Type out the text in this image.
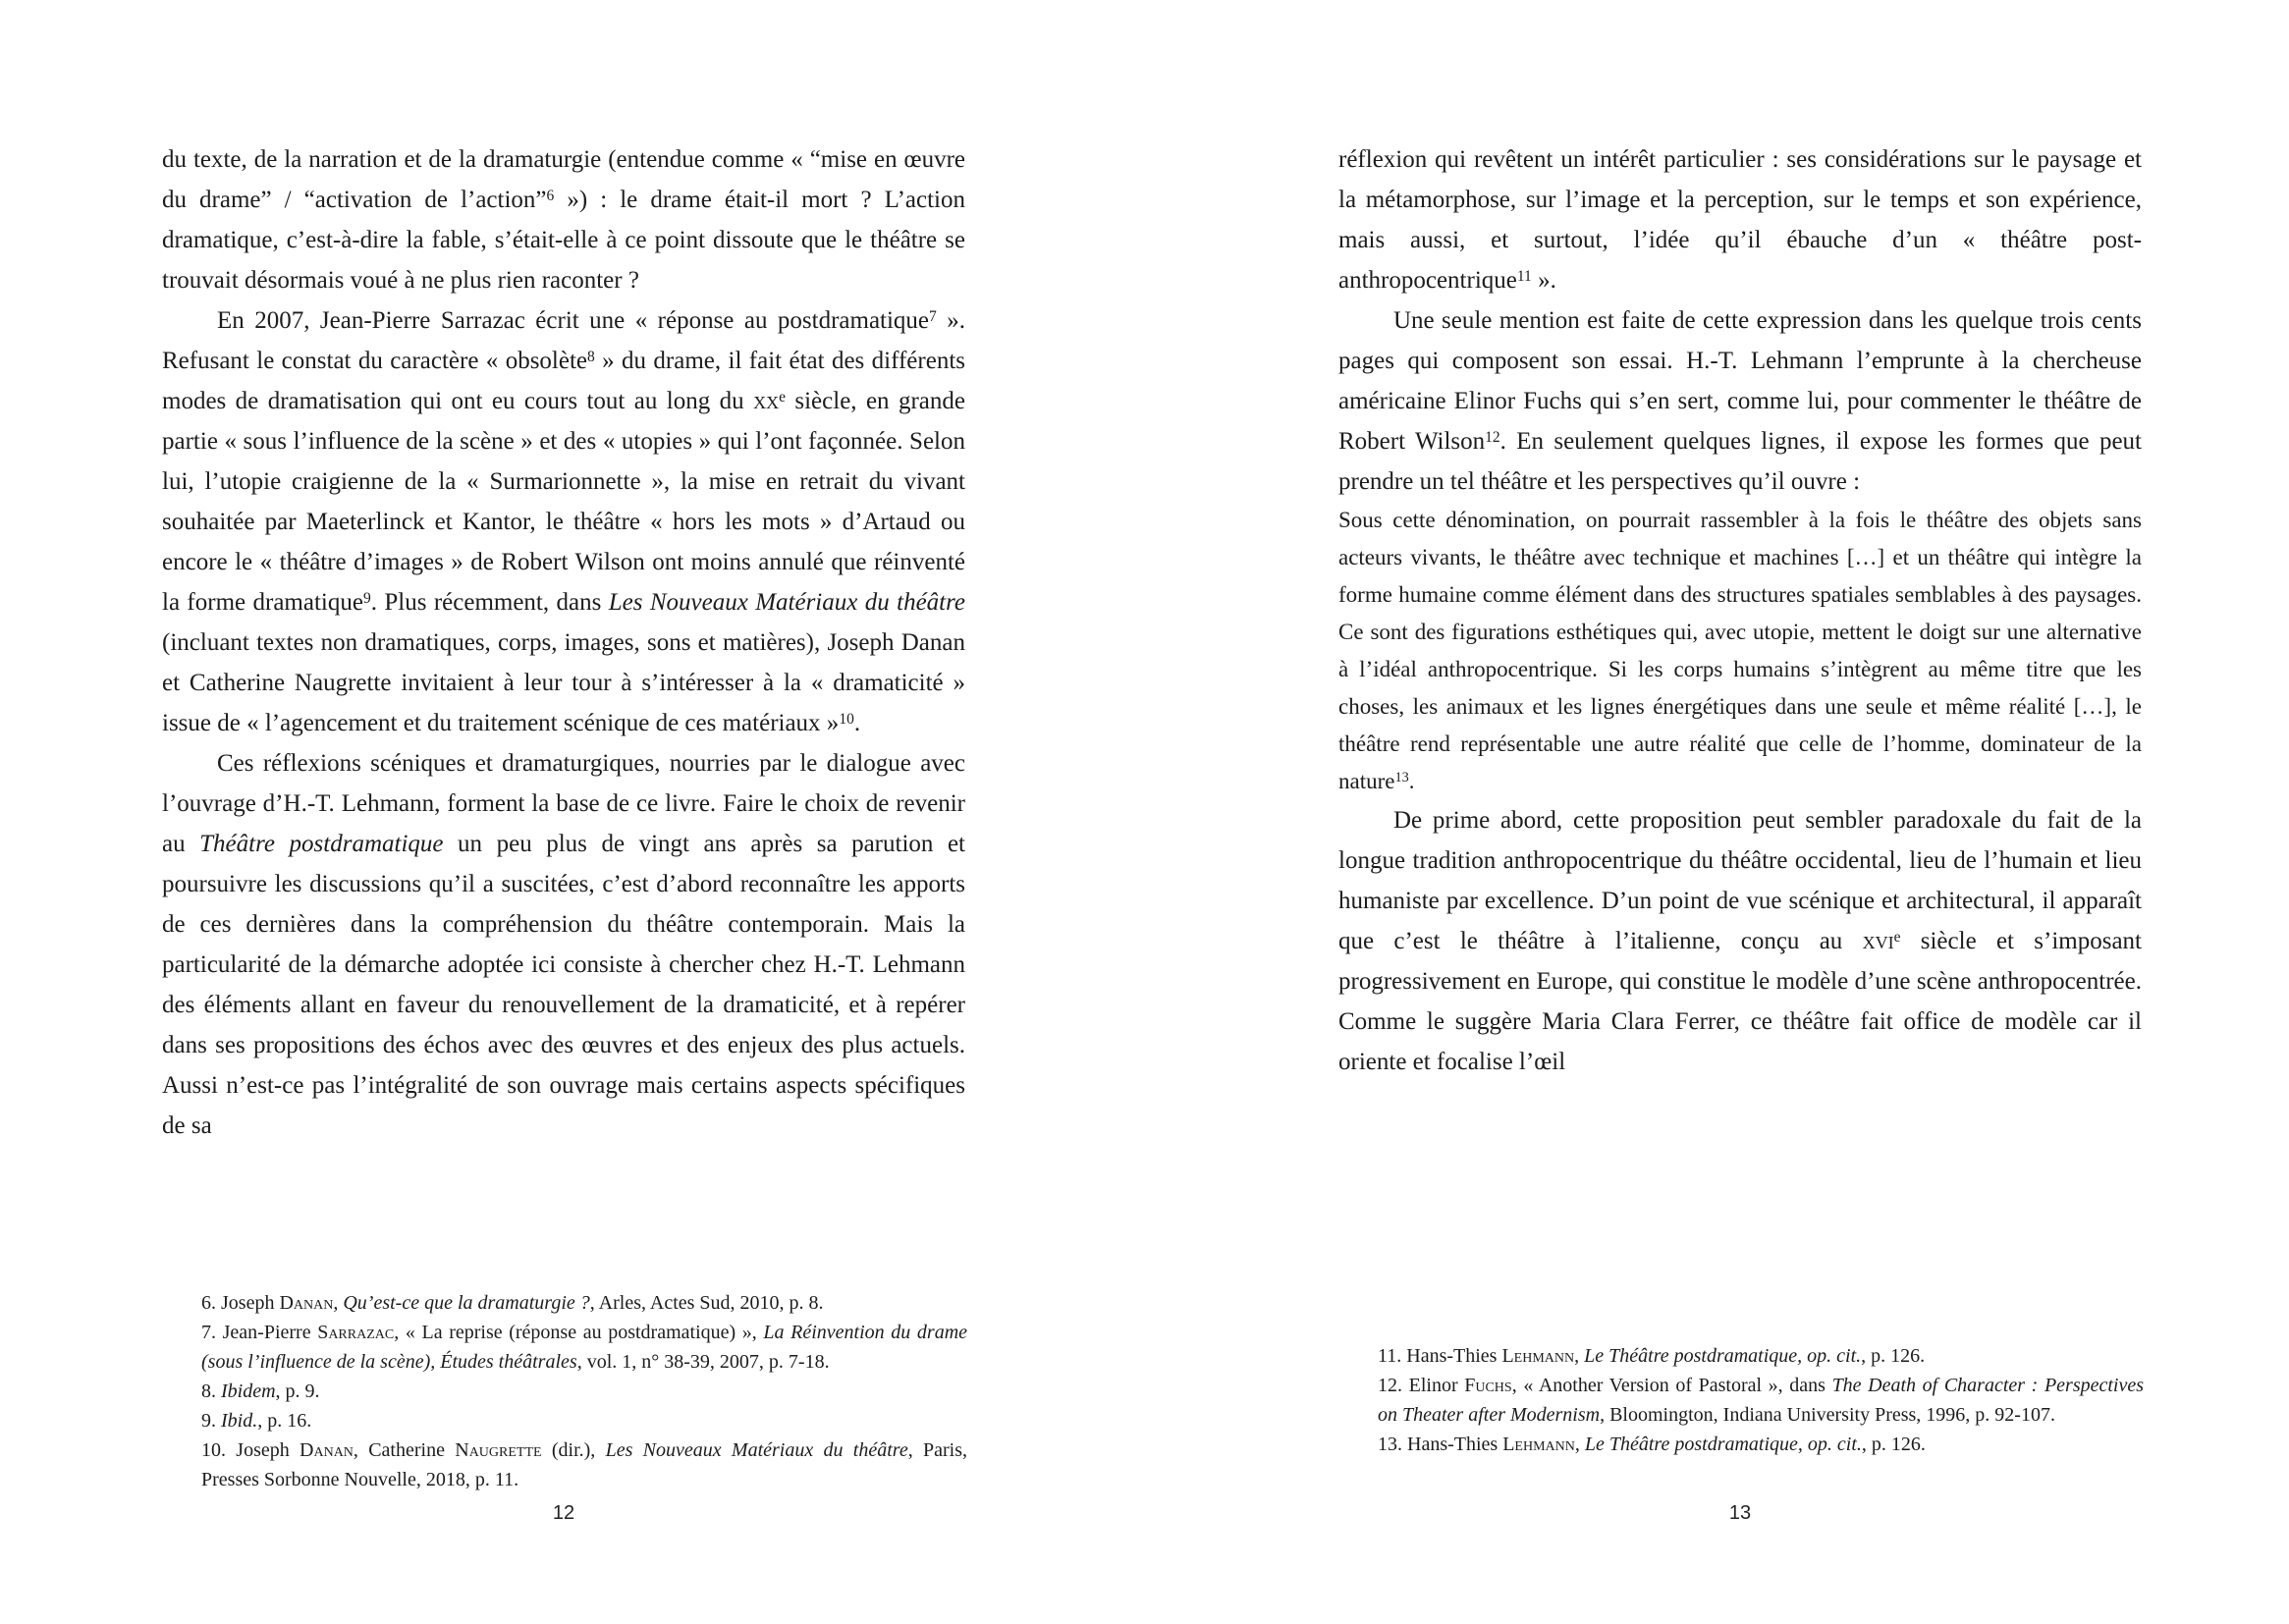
du texte, de la narration et de la dramaturgie (entendue comme « “mise en œuvre du drame” / “activation de l’action”$^6$ ») : le drame était-il mort ? L’action dramatique, c’est-à-dire la fable, s’était-elle à ce point dissoute que le théâtre se trouvait désormais voué à ne plus rien raconter ?

En 2007, Jean-Pierre Sarrazac écrit une « réponse au postdramatique$^7$ ». Refusant le constat du caractère « obsolète$^8$ » du drame, il fait état des différents modes de dramatisation qui ont eu cours tout au long du $xx^e$ siècle, en grande partie « sous l’influence de la scène » et des « utopies » qui l’ont façonnée. Selon lui, l’utopie craigienne de la « Surmarionnette », la mise en retrait du vivant souhaitée par Maeterlinck et Kantor, le théâtre « hors les mots » d’Artaud ou encore le « théâtre d’images » de Robert Wilson ont moins annulé que réinventé la forme dramatique$^9$. Plus récemment, dans Les Nouveaux Matériaux du théâtre (incluant textes non dramatiques, corps, images, sons et matières), Joseph Danan et Catherine Naugrette invitaient à leur tour à s’intéresser à la « dramaticité » issue de « l’agencement et du traitement scénique de ces matériaux »$^{10}$.

Ces réflexions scéniques et dramaturgiques, nourries par le dialogue avec l’ouvrage d’H.-T. Lehmann, forment la base de ce livre. Faire le choix de revenir au Théâtre postdramatique un peu plus de vingt ans après sa parution et poursuivre les discussions qu’il a suscitées, c’est d’abord reconnaître les apports de ces dernières dans la compréhension du théâtre contemporain. Mais la particularité de la démarche adoptée ici consiste à chercher chez H.-T. Lehmann des éléments allant en faveur du renouvellement de la dramaticité, et à repérer dans ses propositions des échos avec des œuvres et des enjeux des plus actuels. Aussi n’est-ce pas l’intégralité de son ouvrage mais certains aspects spécifiques de sa

6. Joseph Danan, Qu’est-ce que la dramaturgie ?, Arles, Actes Sud, 2010, p. 8.

7. Jean-Pierre Sarrazac, « La reprise (réponse au postdramatique) », La Réinvention du drame (sous l’influence de la scène), Études théâtrales, vol. 1, n° 38-39, 2007, p. 7-18.

8. Ibidem, p. 9.

9. Ibid., p. 16.

10. Joseph Danan, Catherine Naugrette (dir.), Les Nouveaux Matériaux du théâtre, Paris, Presses Sorbonne Nouvelle, 2018, p. 11.

12

réflexion qui revêtent un intérêt particulier : ses considérations sur le paysage et la métamorphose, sur l’image et la perception, sur le temps et son expérience, mais aussi, et surtout, l’idée qu’il ébauche d’un « théâtre post-anthropocentrique$^{11}$ ».

Une seule mention est faite de cette expression dans les quelque trois cents pages qui composent son essai. H.-T. Lehmann l’emprunte à la chercheuse américaine Elinor Fuchs qui s’en sert, comme lui, pour commenter le théâtre de Robert Wilson$^{12}$. En seulement quelques lignes, il expose les formes que peut prendre un tel théâtre et les perspectives qu’il ouvre :

Sous cette dénomination, on pourrait rassembler à la fois le théâtre des objets sans acteurs vivants, le théâtre avec technique et machines […] et un théâtre qui intègre la forme humaine comme élément dans des structures spatiales semblables à des paysages. Ce sont des figurations esthétiques qui, avec utopie, mettent le doigt sur une alternative à l’idéal anthropocentrique. Si les corps humains s’intègrent au même titre que les choses, les animaux et les lignes énergétiques dans une seule et même réalité […], le théâtre rend représentable une autre réalité que celle de l’homme, dominateur de la nature$^{13}$.

De prime abord, cette proposition peut sembler paradoxale du fait de la longue tradition anthropocentrique du théâtre occidental, lieu de l’humain et lieu humaniste par excellence. D’un point de vue scénique et architectural, il apparaît que c’est le théâtre à l’italienne, conçu au xvi$^e$ siècle et s’imposant progressivement en Europe, qui constitue le modèle d’une scène anthropocentrée. Comme le suggère Maria Clara Ferrer, ce théâtre fait office de modèle car il oriente et focalise l’œil

11. Hans-Thies Lehmann, Le Théâtre postdramatique, op. cit., p. 126.

12. Elinor Fuchs, « Another Version of Pastoral », dans The Death of Character : Perspectives on Theater after Modernism, Bloomington, Indiana University Press, 1996, p. 92-107.

13. Hans-Thies Lehmann, Le Théâtre postdramatique, op. cit., p. 126.

13
